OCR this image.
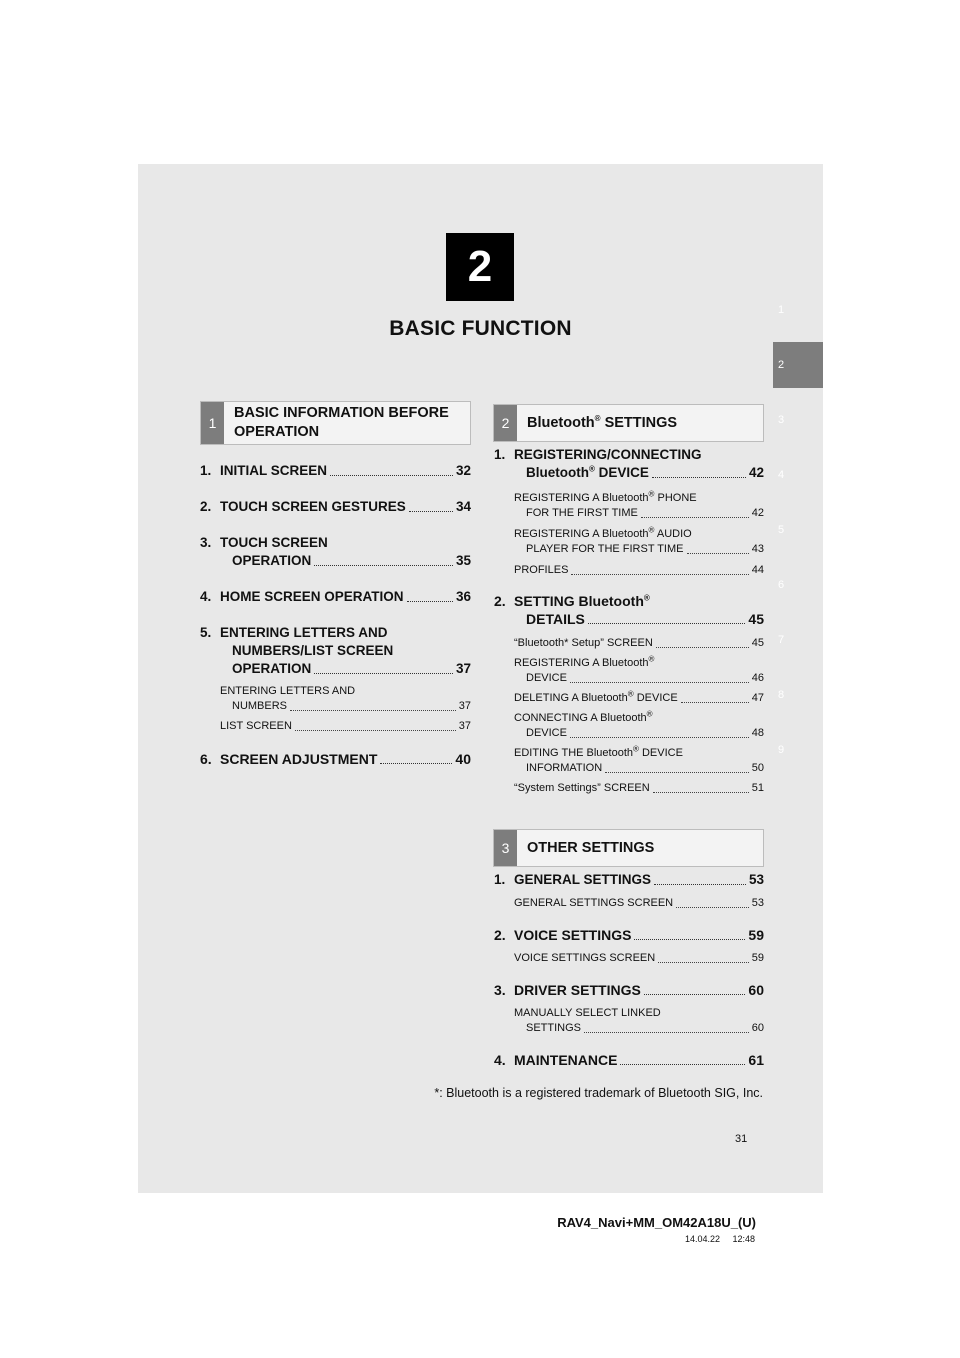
2
BASIC FUNCTION
1
2
3
4
5
6
7
8
9
1
BASIC INFORMATION BEFORE
OPERATION
1. INITIAL SCREEN	32
2. TOUCH SCREEN GESTURES	34
3. TOUCH SCREEN
OPERATION	35
4. HOME SCREEN OPERATION	36
5. ENTERING LETTERS AND
NUMBERS/LIST SCREEN
OPERATION	37
ENTERING LETTERS AND
NUMBERS	37
LIST SCREEN	37
6. SCREEN ADJUSTMENT	40
2	Bluetooth® SETTINGS
1. REGISTERING/CONNECTING
Bluetooth® DEVICE	42
REGISTERING A Bluetooth® PHONE
FOR THE FIRST TIME	42
REGISTERING A Bluetooth® AUDIO
PLAYER FOR THE FIRST TIME	43
PROFILES	44
2. SETTING Bluetooth®
DETAILS	45
“Bluetooth* Setup” SCREEN	45
REGISTERING A Bluetooth®
DEVICE	46
DELETING A Bluetooth® DEVICE	47
CONNECTING A Bluetooth®
DEVICE	48
EDITING THE Bluetooth® DEVICE
INFORMATION	50
“System Settings” SCREEN	51
3	OTHER SETTINGS
1. GENERAL SETTINGS	53
GENERAL SETTINGS SCREEN	53
2. VOICE SETTINGS	59
VOICE SETTINGS SCREEN	59
3. DRIVER SETTINGS	60
MANUALLY SELECT LINKED
SETTINGS	60
4. MAINTENANCE	61
*: Bluetooth is a registered trademark of Bluetooth SIG, Inc.
31
RAV4_Navi+MM_OM42A18U_(U)
14.04.22     12:48
